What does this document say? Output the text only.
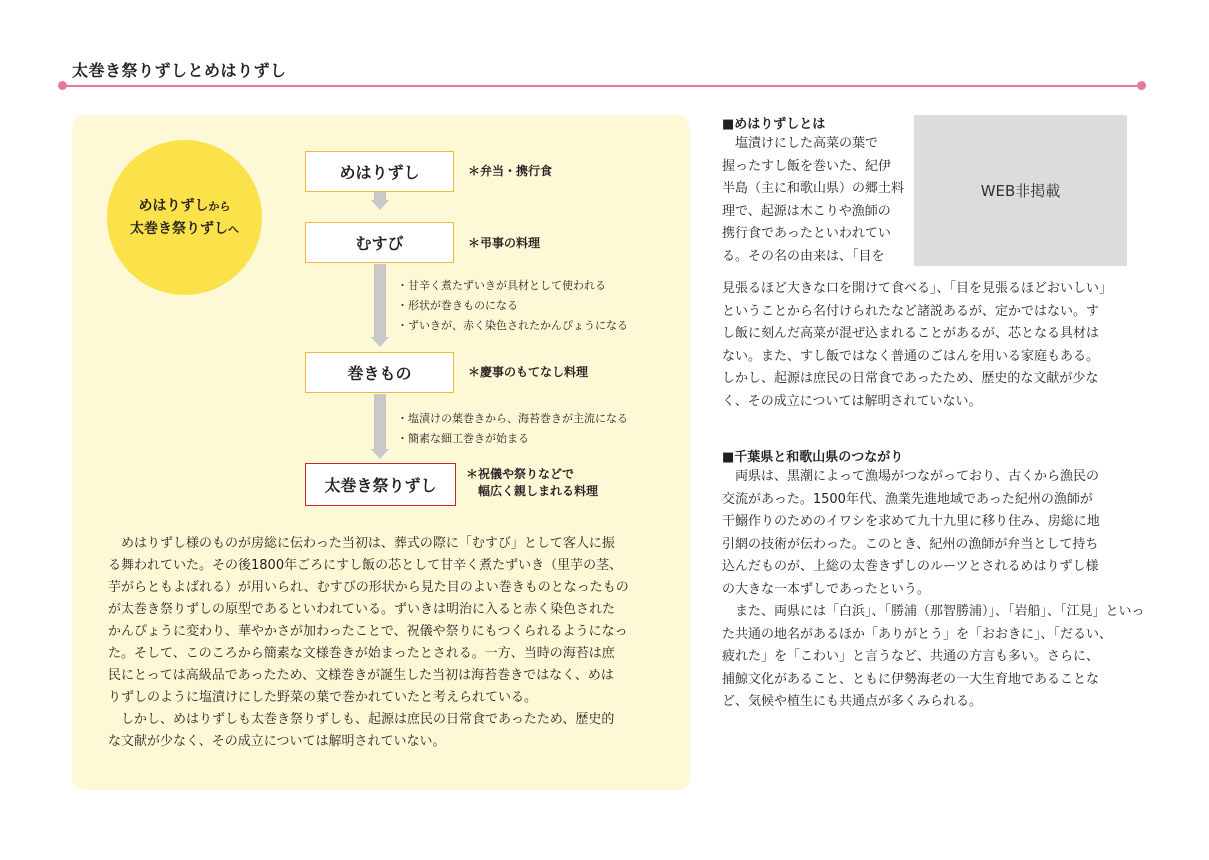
太巻き祭りずしとめはりずし
めはりずしから
太巻き祭りずしへ
めはりずし	＊弁当・携行食
むすび	＊弔事の料理
・甘辛く煮たずいきが具材として使われる
・形状が巻きものになる
・ずいきが、赤く染色されたかんぴょうになる
巻きもの	＊慶事のもてなし料理
・塩漬けの葉巻きから、海苔巻きが主流になる
・簡素な細工巻きが始まる
太巻き祭りずし
＊祝儀や祭りなどで
幅広く親しまれる料理
めはりずし様のものが房総に伝わった当初は、葬式の際に「むすび」として客人に振
る舞われていた。その後1800年ごろにすし飯の芯として甘辛く煮たずいき（里芋の茎、
芋がらともよばれる）が用いられ、むすびの形状から見た目のよい巻きものとなったもの
が太巻き祭りずしの原型であるといわれている。ずいきは明治に入ると赤く染色された
かんぴょうに変わり、華やかさが加わったことで、祝儀や祭りにもつくられるようになっ
た。そして、このころから簡素な文様巻きが始まったとされる。一方、当時の海苔は庶
民にとっては高級品であったため、文様巻きが誕生した当初は海苔巻きではなく、めは
りずしのように塩漬けにした野菜の葉で巻かれていたと考えられている。
しかし、めはりずしも太巻き祭りずしも、起源は庶民の日常食であったため、歴史的
な文献が少なく、その成立については解明されていない。
WEB非掲載
■めはりずしとは
塩漬けにした高菜の葉で
握ったすし飯を巻いた、紀伊
半島（主に和歌山県）の郷土料
理で、起源は木こりや漁師の
携行食であったといわれてい
る。その名の由来は、「目を
見張るほど大きな口を開けて食べる」、「目を見張るほどおいしい」
ということから名付けられたなど諸説あるが、定かではない。す
し飯に刻んだ高菜が混ぜ込まれることがあるが、芯となる具材は
ない。また、すし飯ではなく普通のごはんを用いる家庭もある。
しかし、起源は庶民の日常食であったため、歴史的な文献が少な
く、その成立については解明されていない。
■千葉県と和歌山県のつながり
両県は、黒潮によって漁場がつながっており、古くから漁民の
交流があった。1500年代、漁業先進地域であった紀州の漁師が
干鰯作りのためのイワシを求めて九十九里に移り住み、房総に地
引網の技術が伝わった。このとき、紀州の漁師が弁当として持ち
込んだものが、上総の太巻きずしのルーツとされるめはりずし様
の大きな一本ずしであったという。
また、両県には「白浜」、「勝浦（那智勝浦）」、「岩船」、「江見」といっ
た共通の地名があるほか「ありがとう」を「おおきに」、「だるい、
疲れた」を「こわい」と言うなど、共通の方言も多い。さらに、
捕鯨文化があること、ともに伊勢海老の一大生育地であることな
ど、気候や植生にも共通点が多くみられる。
